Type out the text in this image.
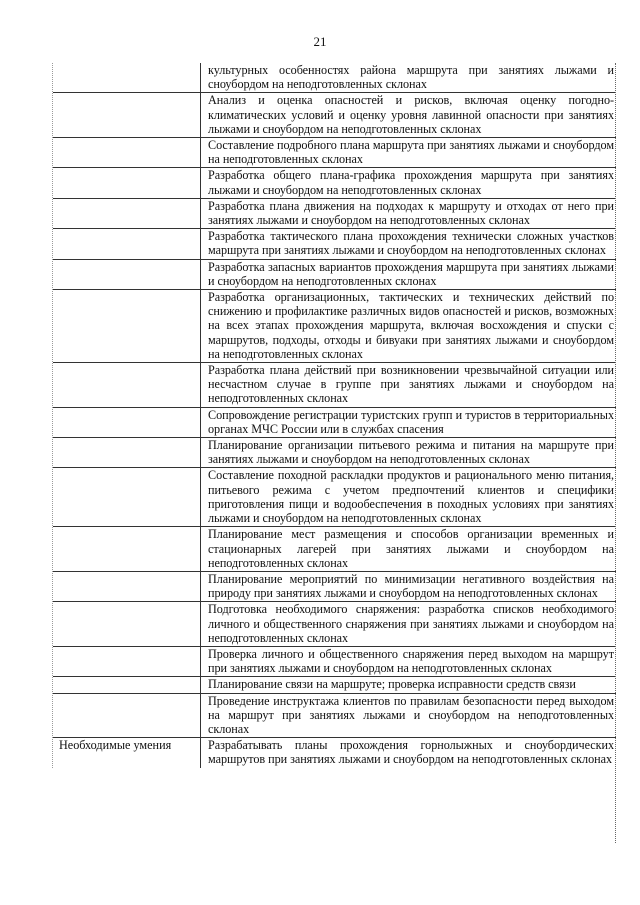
21
культурных особенностях района маршрута при занятиях лыжами и сноубордом на неподготовленных склонах
Анализ и оценка опасностей и рисков, включая оценку погодно-климатических условий и оценку уровня лавинной опасности при занятиях лыжами и сноубордом на неподготовленных склонах
Составление подробного плана маршрута при занятиях лыжами и сноубордом на неподготовленных склонах
Разработка общего плана-графика прохождения маршрута при занятиях лыжами и сноубордом на неподготовленных склонах
Разработка плана движения на подходах к маршруту и отходах от него при занятиях лыжами и сноубордом на неподготовленных склонах
Разработка тактического плана прохождения технически сложных участков маршрута при занятиях лыжами и сноубордом на неподготовленных склонах
Разработка запасных вариантов прохождения маршрута при занятиях лыжами и сноубордом на неподготовленных склонах
Разработка организационных, тактических и технических действий по снижению и профилактике различных видов опасностей и рисков, возможных на всех этапах прохождения маршрута, включая восхождения и спуски с маршрутов, подходы, отходы и бивуаки при занятиях лыжами и сноубордом на неподготовленных склонах
Разработка плана действий при возникновении чрезвычайной ситуации или несчастном случае в группе при занятиях лыжами и сноубордом на неподготовленных склонах
Сопровождение регистрации туристских групп и туристов в территориальных органах МЧС России или в службах спасения
Планирование организации питьевого режима и питания на маршруте при занятиях лыжами и сноубордом на неподготовленных склонах
Составление походной раскладки продуктов и рационального меню питания, питьевого режима с учетом предпочтений клиентов и специфики приготовления пищи и водообеспечения в походных условиях при занятиях лыжами и сноубордом на неподготовленных склонах
Планирование мест размещения и способов организации временных и стационарных лагерей при занятиях лыжами и сноубордом на неподготовленных склонах
Планирование мероприятий по минимизации негативного воздействия на природу при занятиях лыжами и сноубордом на неподготовленных склонах
Подготовка необходимого снаряжения: разработка списков необходимого личного и общественного снаряжения при занятиях лыжами и сноубордом на неподготовленных склонах
Проверка личного и общественного снаряжения перед выходом на маршрут при занятиях лыжами и сноубордом на неподготовленных склонах
Планирование связи на маршруте; проверка исправности средств связи
Проведение инструктажа клиентов по правилам безопасности перед выходом на маршрут при занятиях лыжами и сноубордом на неподготовленных склонах
Необходимые умения	Разрабатывать планы прохождения горнолыжных и сноубордических маршрутов при занятиях лыжами и сноубордом на неподготовленных склонах
